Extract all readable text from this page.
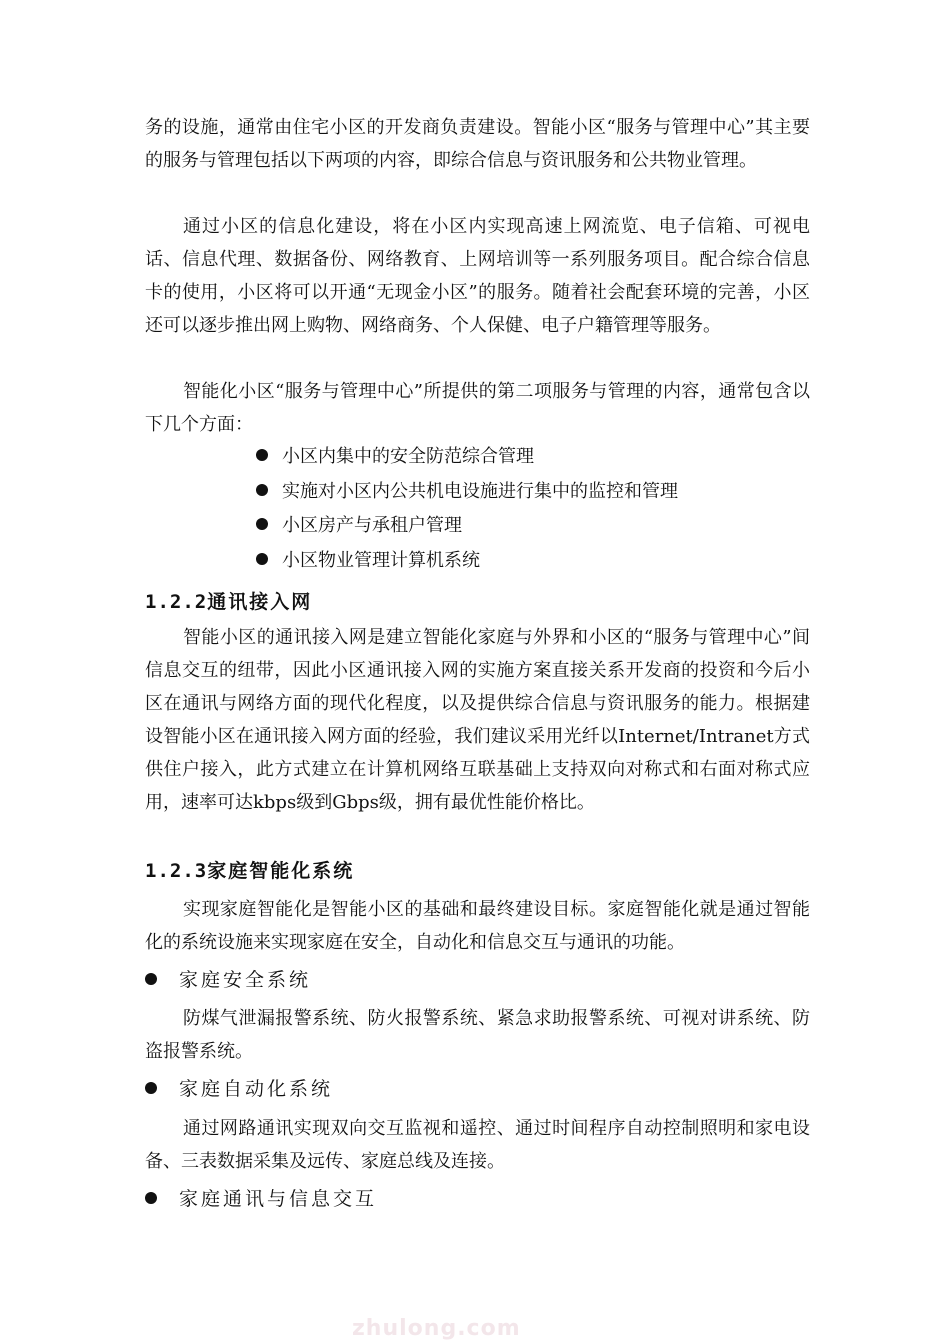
务的设施，通常由住宅小区的开发商负责建设。智能小区“服务与管理中心”其主要的服务与管理包括以下两项的内容，即综合信息与资讯服务和公共物业管理。

通过小区的信息化建设，将在小区内实现高速上网流览、电子信箱、可视电话、信息代理、数据备份、网络教育、上网培训等一系列服务项目。配合综合信息卡的使用，小区将可以开通“无现金小区”的服务。随着社会配套环境的完善，小区还可以逐步推出网上购物、网络商务、个人保健、电子户籍管理等服务。

智能化小区“服务与管理中心”所提供的第二项服务与管理的内容，通常包含以下几个方面：

小区内集中的安全防范综合管理

实施对小区内公共机电设施进行集中的监控和管理

小区房产与承租户管理

小区物业管理计算机系统

1.2.2通讯接入网

智能小区的通讯接入网是建立智能化家庭与外界和小区的“服务与管理中心”间信息交互的纽带，因此小区通讯接入网的实施方案直接关系开发商的投资和今后小区在通讯与网络方面的现代化程度，以及提供综合信息与资讯服务的能力。根据建设智能小区在通讯接入网方面的经验，我们建议采用光纤以Internet/Intranet方式供住户接入，此方式建立在计算机网络互联基础上支持双向对称式和右面对称式应用，速率可达kbps级到Gbps级，拥有最优性能价格比。

1.2.3家庭智能化系统

实现家庭智能化是智能小区的基础和最终建设目标。家庭智能化就是通过智能化的系统设施来实现家庭在安全，自动化和信息交互与通讯的功能。

家庭安全系统

防煤气泄漏报警系统、防火报警系统、紧急求助报警系统、可视对讲系统、防盗报警系统。

家庭自动化系统

通过网路通讯实现双向交互监视和遥控、通过时间程序自动控制照明和家电设备、三表数据采集及远传、家庭总线及连接。

家庭通讯与信息交互

zhulong.com
